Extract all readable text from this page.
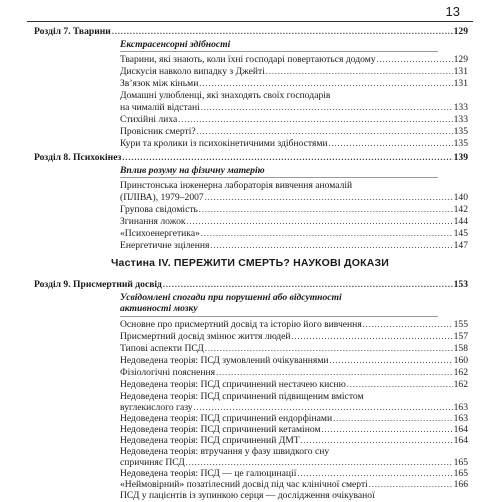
13
Розділ 7. Тварини .....	129
Екстрасенсорні здібності
Тварини, які знають, коли їхні господарі повертаються додому .....	129
Дискусія навколо випадку з Джейті .....	131
Зв’язок між кіньми .....	131
Домашні улюбленці, які знаходять своїх господарів
на чималій відстані .....	133
Стихійні лиха .....	133
Провісник смерті? .....	135
Кури та кролики із психокінетичними здібностями .....	135
Розділ 8. Психокінез .....	139
Вплив розуму на фізичну матерію
Принстонська інженерна лабораторія вивчення аномалій
(ПЛІВА), 1979–2007 .....	140
Групова свідомість .....	142
Згинання ложок .....	144
«Психоенергетика» .....	145
Енергетичне зцілення .....	147
Частина IV. ПЕРЕЖИТИ СМЕРТЬ? НАУКОВІ ДОКАЗИ
Розділ 9. Присмертний досвід .....	153
Усвідомлені спогади при порушенні або відсутності
активності мозку
Основне про присмертний досвід та історію його вивчення .....	155
Присмертний досвід змінює життя людей .....	157
Типові аспекти ПСД .....	158
Недоведена теорія: ПСД зумовлений очікуваннями .....	160
Фізіологічні пояснення .....	162
Недоведена теорія: ПСД спричинений нестачею кисню .....	162
Недоведена теорія: ПСД спричинений підвищеним вмістом
вуглекислого газу .....	163
Недоведена теорія: ПСД спричинений ендорфінами .....	163
Недоведена теорія: ПСД спричинений кетаміном .....	164
Недоведена теорія: ПСД спричинений ДМТ .....	164
Недоведена теорія: втручання у фазу швидкого сну
спричиняє ПСД .....	165
Недоведена теорія: ПСД — це галюцинації .....	165
«Неймовірний» позатілесний досвід під час клінічної смерті .....	166
ПСД у пацієнтів із зупинкою серця — дослідження очікуваної
